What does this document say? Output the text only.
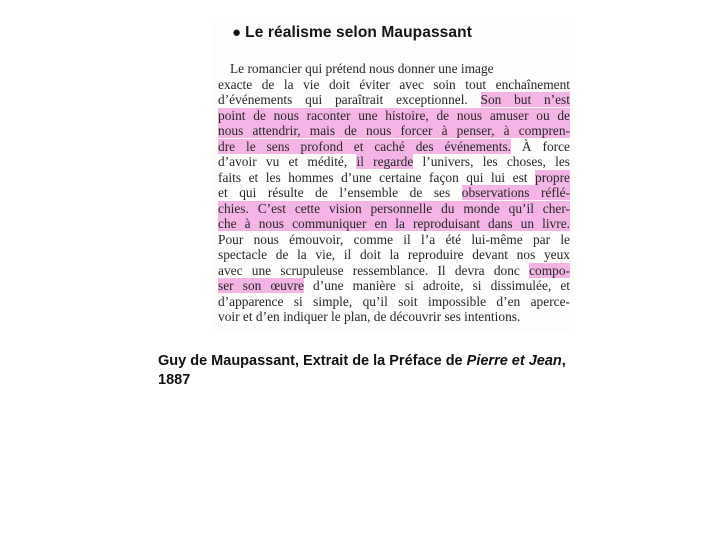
● Le réalisme selon Maupassant
Le romancier qui prétend nous donner une image
exacte de la vie doit éviter avec soin tout enchaînement
d’événements qui paraîtrait exceptionnel. Son but n’est
point de nous raconter une histoire, de nous amuser ou de
nous attendrir, mais de nous forcer à penser, à compren-
dre le sens profond et caché des événements. À force
d’avoir vu et médité, il regarde l’univers, les choses, les
faits et les hommes d’une certaine façon qui lui est propre
et qui résulte de l’ensemble de ses observations réflé-
chies. C’est cette vision personnelle du monde qu’il cher-
che à nous communiquer en la reproduisant dans un livre.
Pour nous émouvoir, comme il l’a été lui-même par le
spectacle de la vie, il doit la reproduire devant nos yeux
avec une scrupuleuse ressemblance. Il devra donc compo-
ser son œuvre d’une manière si adroite, si dissimulée, et
d’apparence si simple, qu’il soit impossible d’en aperce-
voir et d’en indiquer le plan, de découvrir ses intentions.
Guy de Maupassant, Extrait de la Préface de Pierre et Jean,
1887
